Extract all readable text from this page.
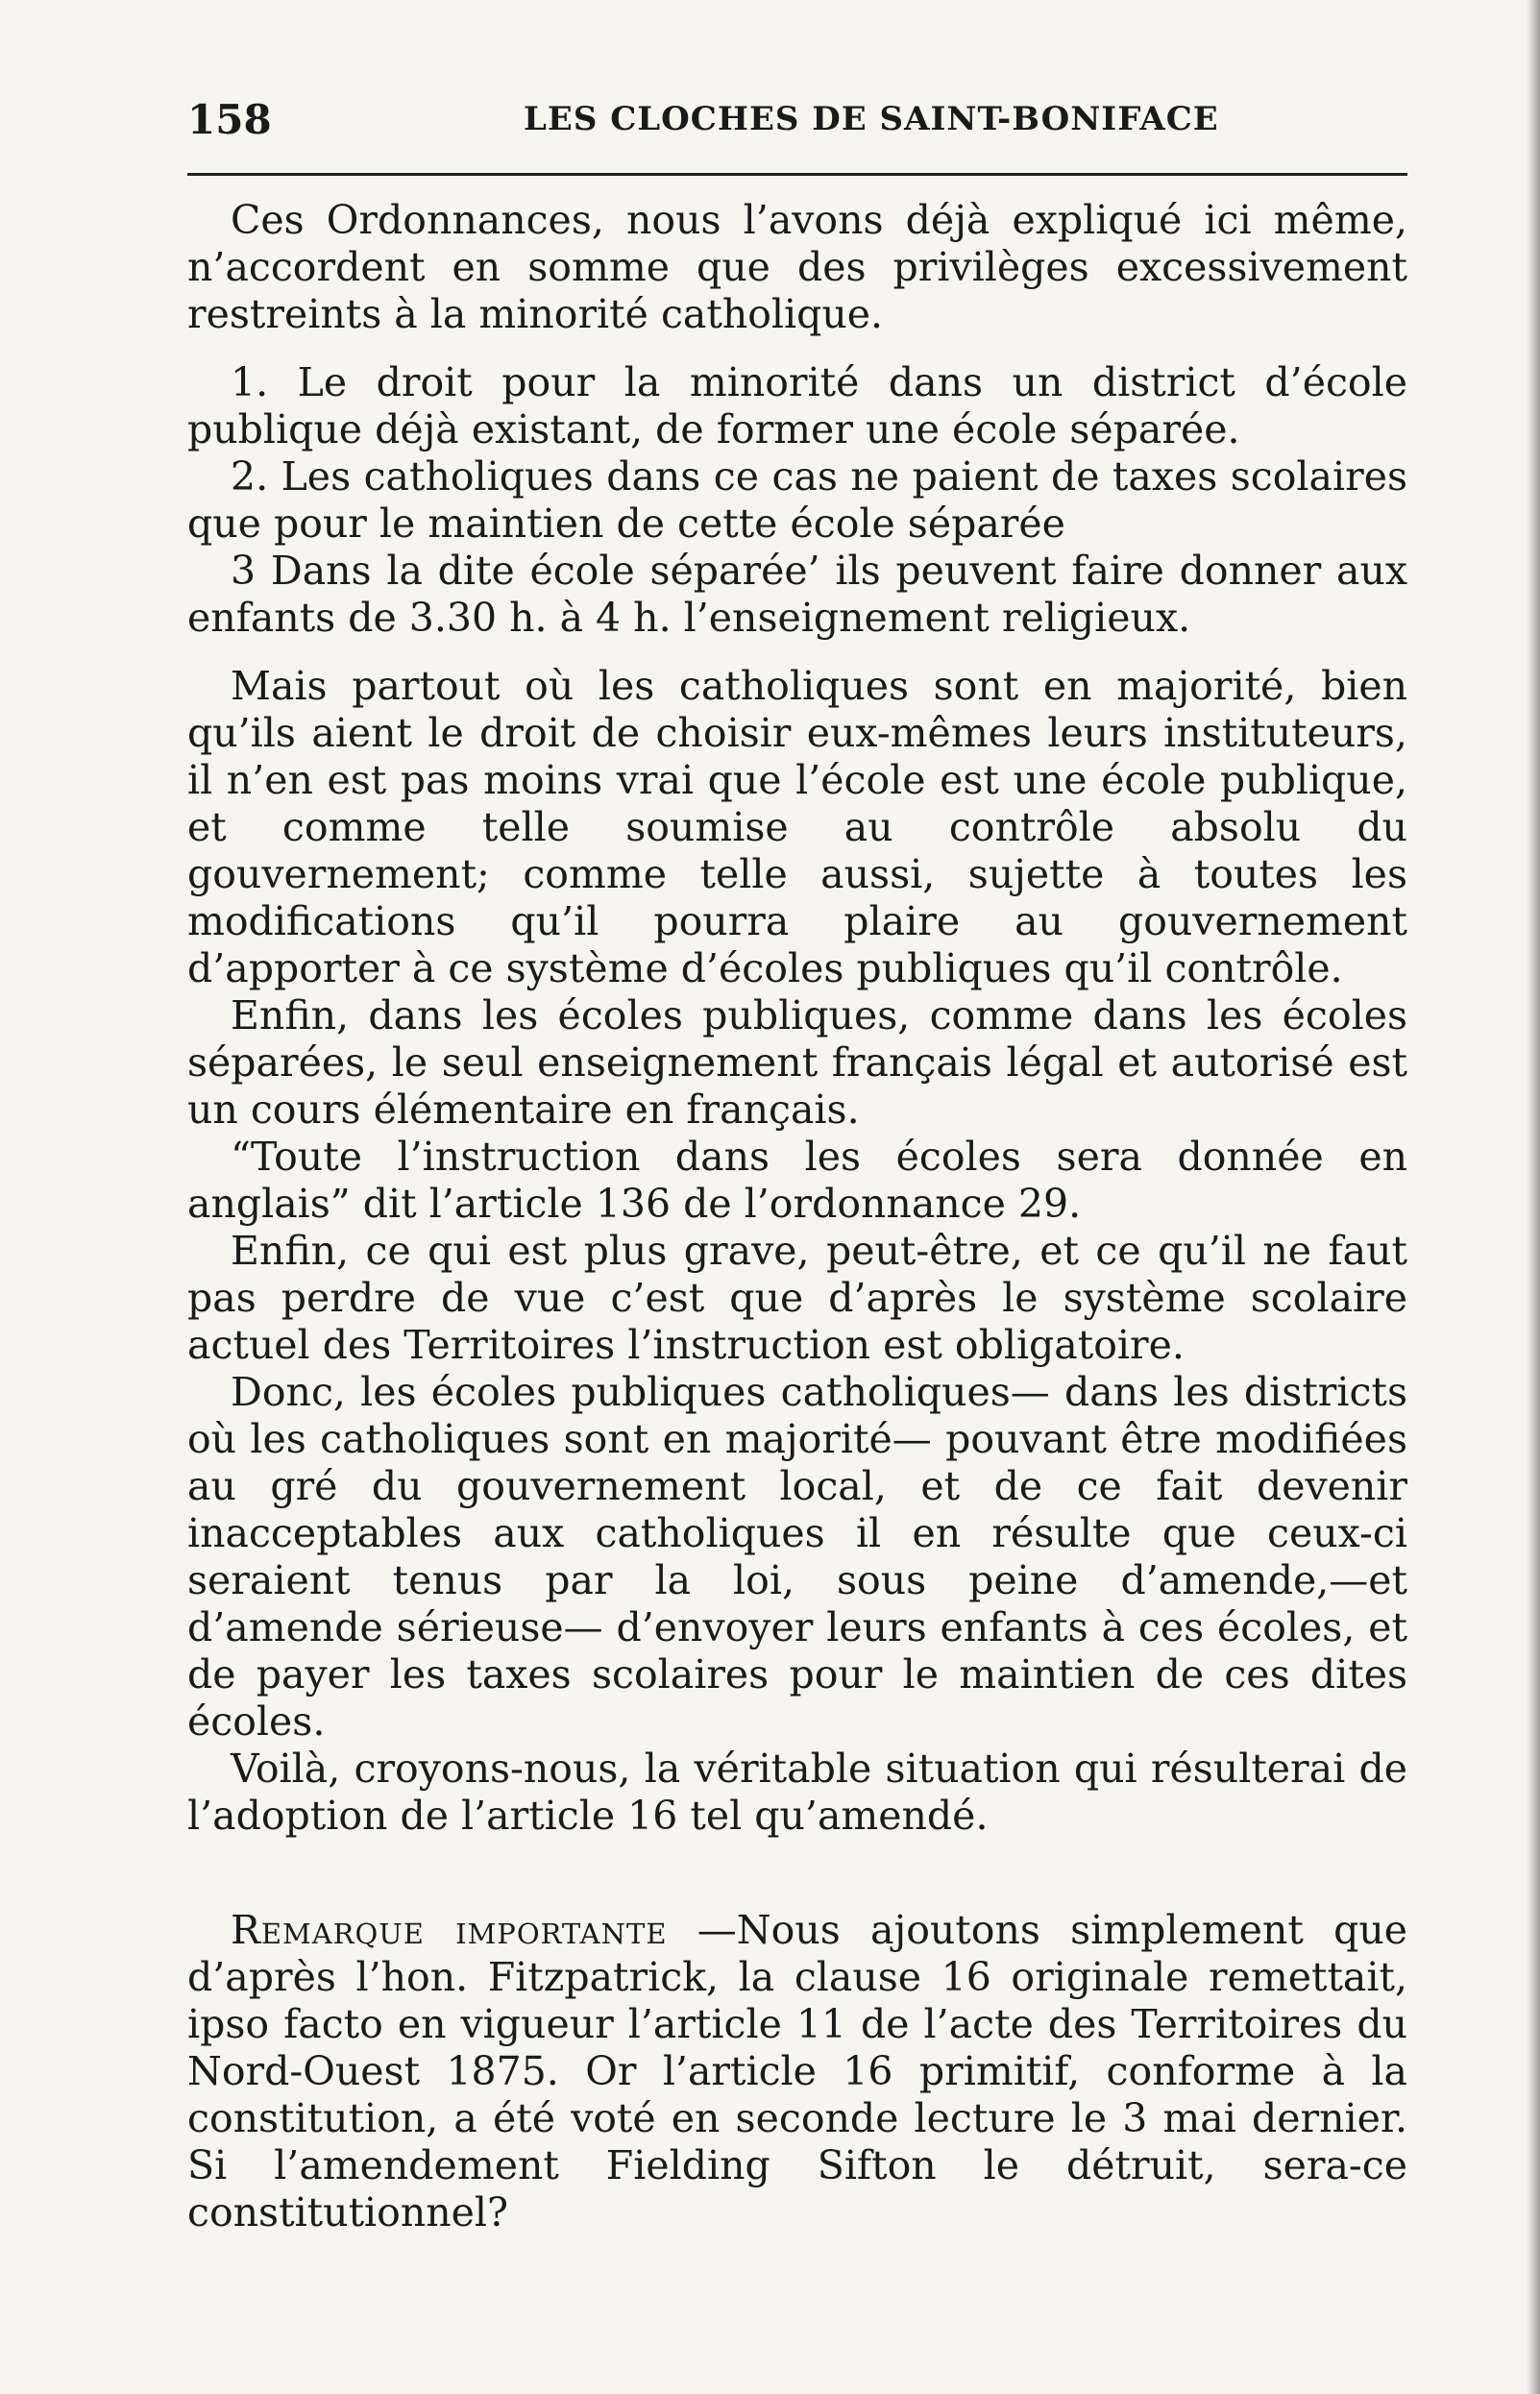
158	LES CLOCHES DE SAINT-BONIFACE

Ces Ordonnances, nous l’avons déjà expliqué ici même, n’accordent en somme que des privilèges excessivement restreints à la minorité catholique.

1. Le droit pour la minorité dans un district d’école publique déjà existant, de former une école séparée.

2. Les catholiques dans ce cas ne paient de taxes scolaires que pour le maintien de cette école séparée

3 Dans la dite école séparée’ ils peuvent faire donner aux enfants de 3.30 h. à 4 h. l’enseignement religieux.

Mais partout où les catholiques sont en majorité, bien qu’ils aient le droit de choisir eux-mêmes leurs instituteurs, il n’en est pas moins vrai que l’école est une école publique, et comme telle soumise au contrôle absolu du gouvernement; comme telle aussi, sujette à toutes les modifications qu’il pourra plaire au gouvernement d’apporter à ce système d’écoles publiques qu’il contrôle.

Enfin, dans les écoles publiques, comme dans les écoles séparées, le seul enseignement français légal et autorisé est un cours élémentaire en français.

“Toute l’instruction dans les écoles sera donnée en anglais” dit l’article 136 de l’ordonnance 29.

Enfin, ce qui est plus grave, peut-être, et ce qu’il ne faut pas perdre de vue c’est que d’après le système scolaire actuel des Territoires l’instruction est obligatoire.

Donc, les écoles publiques catholiques— dans les districts où les catholiques sont en majorité— pouvant être modifiées au gré du gouvernement local, et de ce fait devenir inacceptables aux catholiques il en résulte que ceux-ci seraient tenus par la loi, sous peine d’amende,—et d’amende sérieuse— d’envoyer leurs enfants à ces écoles, et de payer les taxes scolaires pour le maintien de ces dites écoles.

Voilà, croyons-nous, la véritable situation qui résulterai de l’adoption de l’article 16 tel qu’amendé.

Remarque importante —Nous ajoutons simplement que d’après l’hon. Fitzpatrick, la clause 16 originale remettait, ipso facto en vigueur l’article 11 de l’acte des Territoires du Nord-Ouest 1875. Or l’article 16 primitif, conforme à la constitution, a été voté en seconde lecture le 3 mai dernier. Si l’amendement Fielding Sifton le détruit, sera-ce constitutionnel?
